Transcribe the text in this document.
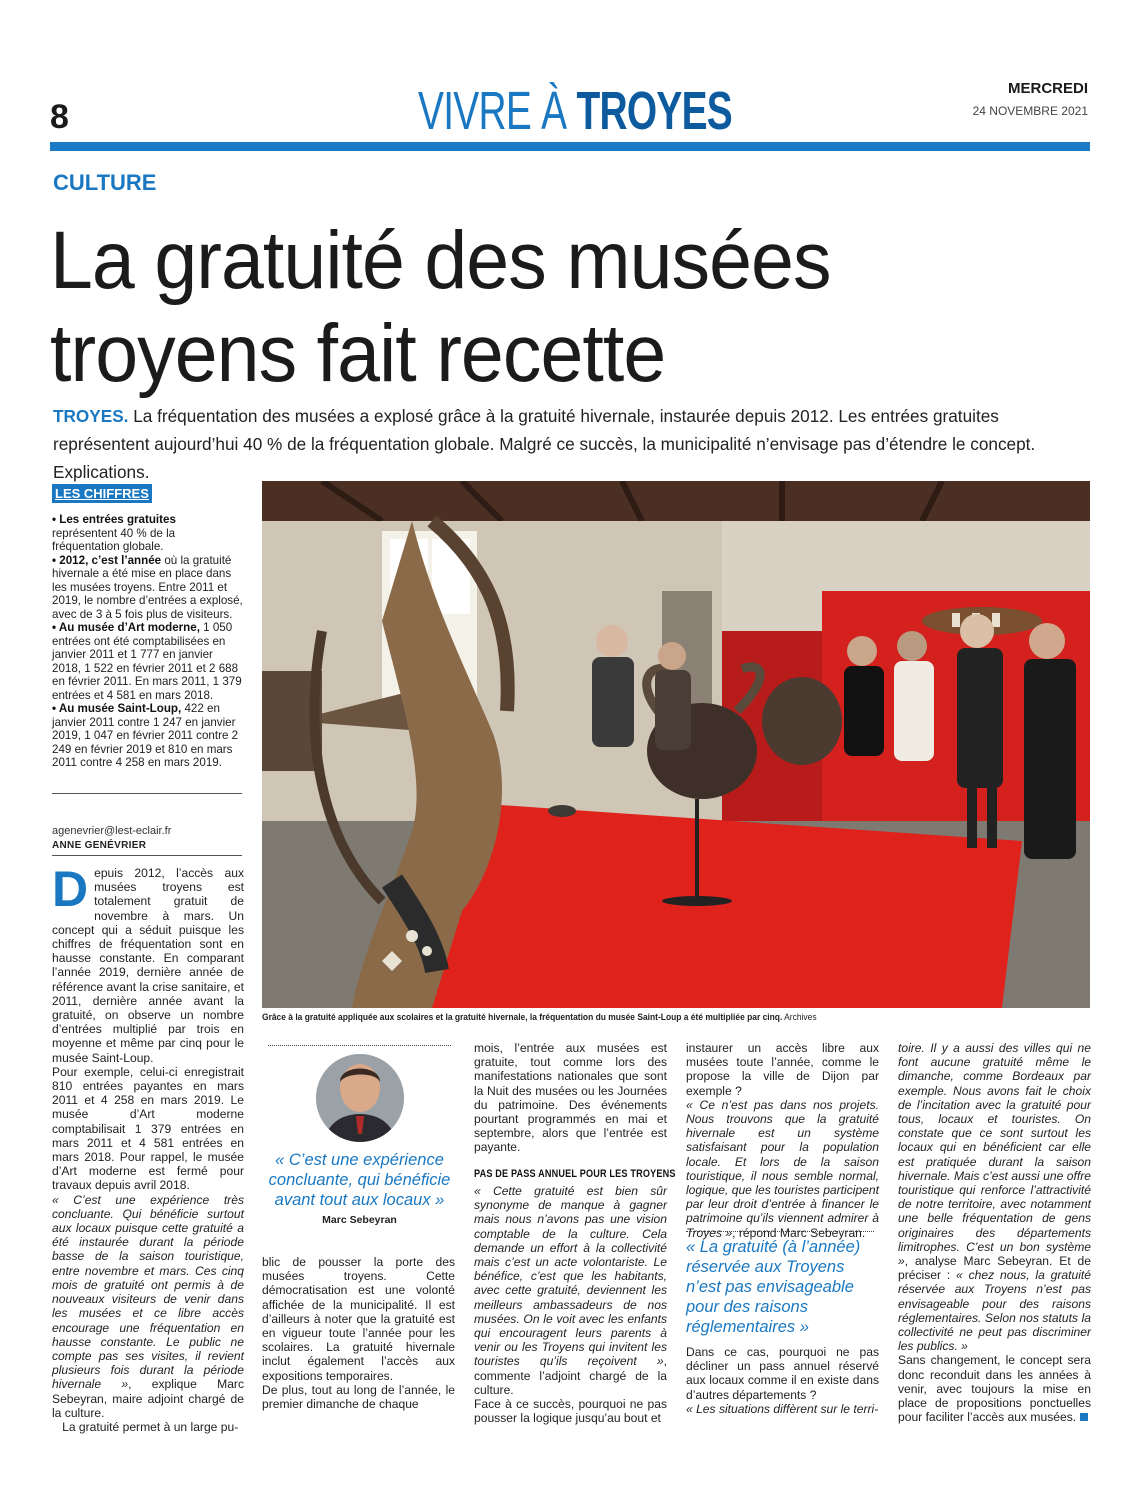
8	VIVRE À TROYES	MERCREDI
24 NOVEMBRE 2021
CULTURE
La gratuité des musées troyens fait recette
TROYES. La fréquentation des musées a explosé grâce à la gratuité hivernale, instaurée depuis 2012. Les entrées gratuites représentent aujourd’hui 40 % de la fréquentation globale. Malgré ce succès, la municipalité n’envisage pas d’étendre le concept. Explications.
LES CHIFFRES

• Les entrées gratuites représentent 40 % de la fréquentation globale.

• 2012, c’est l’année où la gratuité hivernale a été mise en place dans les musées troyens. Entre 2011 et 2019, le nombre d’entrées a explosé, avec de 3 à 5 fois plus de visiteurs.

• Au musée d’Art moderne, 1 050 entrées ont été comptabilisées en janvier 2011 et 1 777 en janvier 2018, 1 522 en février 2011 et 2 688 en février 2011. En mars 2011, 1 379 entrées et 4 581 en mars 2018.

• Au musée Saint-Loup, 422 en janvier 2011 contre 1 247 en janvier 2019, 1 047 en février 2011 contre 2 249 en février 2019 et 810 en mars 2011 contre 4 258 en mars 2019.

agenevrier@lest-eclair.fr
ANNE GENÉVRIER

Depuis 2012, l’accès aux musées troyens est totalement gratuit de novembre à mars. Un concept qui a séduit puisque les chiffres de fréquentation sont en hausse constante. En comparant l’année 2019, dernière année de référence avant la crise sanitaire, et 2011, dernière année avant la gratuité, on observe un nombre d’entrées multiplié par trois en moyenne et même par cinq pour le musée Saint-Loup.

Pour exemple, celui-ci enregistrait 810 entrées payantes en mars 2011 et 4 258 en mars 2019. Le musée d’Art moderne comptabilisait 1 379 entrées en mars 2011 et 4 581 entrées en mars 2018. Pour rappel, le musée d’Art moderne est fermé pour travaux depuis avril 2018.

« C’est une expérience très concluante. Qui bénéficie surtout aux locaux puisque cette gratuité a été instaurée durant la période basse de la saison touristique, entre novembre et mars. Ces cinq mois de gratuité ont permis à de nouveaux visiteurs de venir dans les musées et ce libre accès encourage une fréquentation en hausse constante. Le public ne compte pas ses visites, il revient plusieurs fois durant la période hivernale », explique Marc Sebeyran, maire adjoint chargé de la culture.

La gratuité permet à un large pu-

Grâce à la gratuité appliquée aux scolaires et la gratuité hivernale, la fréquentation du musée Saint-Loup a été multipliée par cinq. Archives
« C’est une expérience concluante, qui bénéficie avant tout aux locaux »
Marc Sebeyran

blic de pousser la porte des musées troyens. Cette démocratisation est une volonté affichée de la municipalité. Il est d’ailleurs à noter que la gratuité est en vigueur toute l’année pour les scolaires. La gratuité hivernale inclut également l’accès aux expositions temporaires.

De plus, tout au long de l’année, le premier dimanche de chaque

mois, l’entrée aux musées est gratuite, tout comme lors des manifestations nationales que sont la Nuit des musées ou les Journées du patrimoine. Des événements pourtant programmés en mai et septembre, alors que l’entrée est payante.

PAS DE PASS ANNUEL POUR LES TROYENS

« Cette gratuité est bien sûr synonyme de manque à gagner mais nous n’avons pas une vision comptable de la culture. Cela demande un effort à la collectivité mais c’est un acte volontariste. Le bénéfice, c’est que les habitants, avec cette gratuité, deviennent les meilleurs ambassadeurs de nos musées. On le voit avec les enfants qui encouragent leurs parents à venir ou les Troyens qui invitent les touristes qu’ils reçoivent », commente l’adjoint chargé de la culture.

Face à ce succès, pourquoi ne pas pousser la logique jusqu’au bout et

instaurer un accès libre aux musées toute l’année, comme le propose la ville de Dijon par exemple ?

« Ce n’est pas dans nos projets. Nous trouvons que la gratuité hivernale est un système satisfaisant pour la population locale. Et lors de la saison touristique, il nous semble normal, logique, que les touristes participent par leur droit d’entrée à financer le patrimoine qu’ils viennent admirer à Troyes », répond Marc Sebeyran.

« La gratuité (à l’année) réservée aux Troyens n’est pas envisageable pour des raisons réglementaires »

Dans ce cas, pourquoi ne pas décliner un pass annuel réservé aux locaux comme il en existe dans d’autres départements ?

« Les situations diffèrent sur le terri-

toire. Il y a aussi des villes qui ne font aucune gratuité même le dimanche, comme Bordeaux par exemple. Nous avons fait le choix de l’incitation avec la gratuité pour tous, locaux et touristes. On constate que ce sont surtout les locaux qui en bénéficient car elle est pratiquée durant la saison hivernale. Mais c’est aussi une offre touristique qui renforce l’attractivité de notre territoire, avec notamment une belle fréquentation de gens originaires des départements limitrophes. C’est un bon système », analyse Marc Sebeyran. Et de préciser : « chez nous, la gratuité réservée aux Troyens n’est pas envisageable pour des raisons réglementaires. Selon nos statuts la collectivité ne peut pas discriminer les publics. »

Sans changement, le concept sera donc reconduit dans les années à venir, avec toujours la mise en place de propositions ponctuelles pour faciliter l’accès aux musées.
